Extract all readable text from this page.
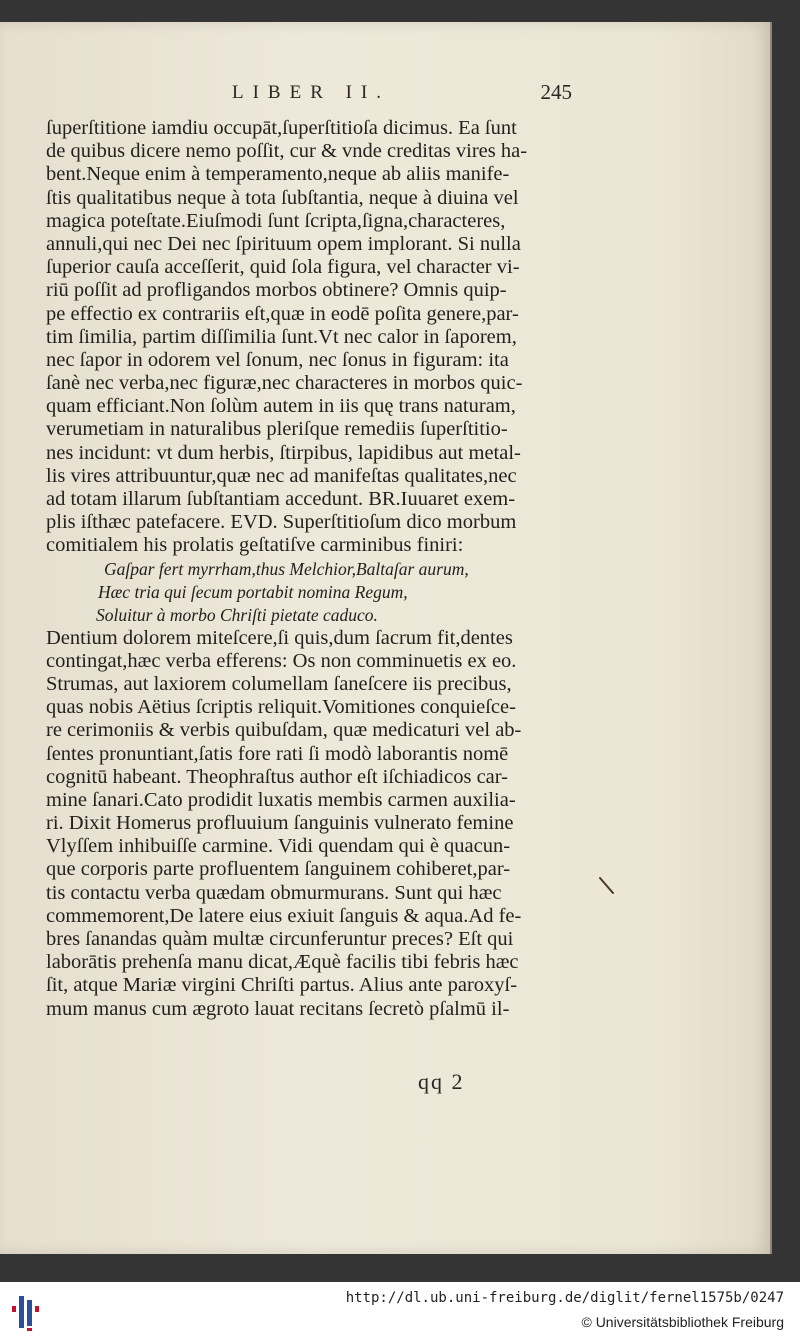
LIBER II.	245
ſuperſtitione iamdiu occupāt,ſuperſtitioſa dicimus. Ea ſunt
de quibus dicere nemo poſſit, cur & vnde creditas vires ha-
bent.Neque enim à temperamento,neque ab aliis manife-
ſtis qualitatibus neque à tota ſubſtantia, neque à diuina vel
magica poteſtate.Eiuſmodi ſunt ſcripta,ſigna,characteres,
annuli,qui nec Dei nec ſpirituum opem implorant. Si nulla
ſuperior cauſa acceſſerit, quid ſola figura, vel character vi-
riū poſſit ad profligandos morbos obtinere? Omnis quip-
pe effectio ex contrariis eſt,quæ in eodē poſita genere,par-
tim ſimilia, partim diſſimilia ſunt.Vt nec calor in ſaporem,
nec ſapor in odorem vel ſonum, nec ſonus in figuram: ita
ſanè nec verba,nec figuræ,nec characteres in morbos quic-
quam efficiant.Non ſolùm autem in iis quę trans naturam,
verumetiam in naturalibus pleriſque remediis ſuperſtitio-
nes incidunt: vt dum herbis, ſtirpibus, lapidibus aut metal-
lis vires attribuuntur,quæ nec ad manifeſtas qualitates,nec
ad totam illarum ſubſtantiam accedunt. BR.Iuuaret exem-
plis iſthæc patefacere. EVD. Superſtitioſum dico morbum
comitialem his prolatis geſtatiſve carminibus finiri:
Gaſpar fert myrrham,thus Melchior,Baltaſar aurum,
Hæc tria qui ſecum portabit nomina Regum,
Soluitur à morbo Chriſti pietate caduco.
Dentium dolorem miteſcere,ſi quis,dum ſacrum fit,dentes
contingat,hæc verba efferens: Os non comminuetis ex eo.
Strumas, aut laxiorem columellam ſaneſcere iis precibus,
quas nobis Aëtius ſcriptis reliquit.Vomitiones conquieſce-
re cerimoniis & verbis quibuſdam, quæ medicaturi vel ab-
ſentes pronuntiant,ſatis fore rati ſi modò laborantis nomē
cognitū habeant. Theophraſtus author eſt iſchiadicos car-
mine ſanari.Cato prodidit luxatis membis carmen auxilia-
ri. Dixit Homerus profluuium ſanguinis vulnerato femine
Vlyſſem inhibuiſſe carmine. Vidi quendam qui è quacun-
que corporis parte profluentem ſanguinem cohiberet,par-
tis contactu verba quædam obmurmurans. Sunt qui hæc
commemorent,De latere eius exiuit ſanguis & aqua.Ad fe-
bres ſanandas quàm multæ circunferuntur preces? Eſt qui
laborātis prehenſa manu dicat,Æquè facilis tibi febris hæc
ſit, atque Mariæ virgini Chriſti partus. Alius ante paroxyſ-
mum manus cum ægroto lauat recitans ſecretò pſalmū il-
qq 2
http://dl.ub.uni-freiburg.de/diglit/fernel1575b/0247
© Universitätsbibliothek Freiburg
